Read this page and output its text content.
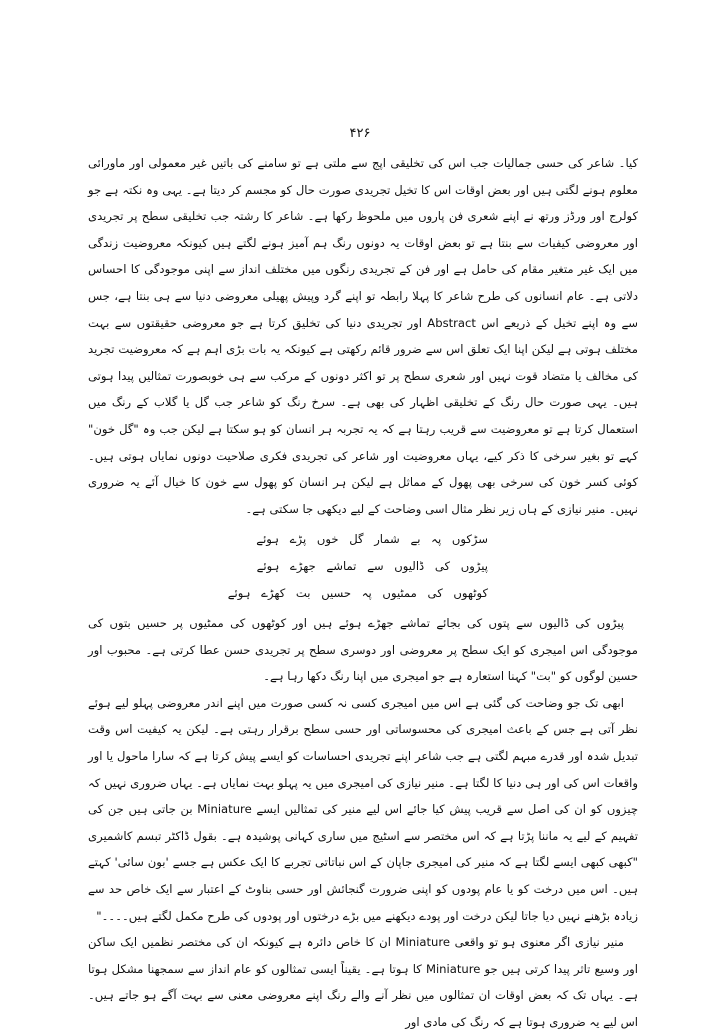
۴۲۶

کیا۔ شاعر کی حسی جمالیات جب اس کی تخلیقی اپج سے ملتی ہے تو سامنے کی باتیں غیر معمولی اور ماورائی معلوم ہونے لگتی ہیں اور بعض اوقات اس کا تخیل تجریدی صورت حال کو مجسم کر دیتا ہے۔ یہی وہ نکتہ ہے جو کولرج اور ورڈز ورتھ نے اپنے شعری فن پاروں میں ملحوظ رکھا ہے۔ شاعر کا رشتہ جب تخلیقی سطح پر تجریدی اور معروضی کیفیات سے بنتا ہے تو بعض اوقات یہ دونوں رنگ ہم آمیز ہونے لگتے ہیں کیونکہ معروضیت زندگی میں ایک غیر متغیر مقام کی حامل ہے اور فن کے تجریدی رنگوں میں مختلف انداز سے اپنی موجودگی کا احساس دلاتی ہے۔ عام انسانوں کی طرح شاعر کا پہلا رابطہ تو اپنے گرد وپیش پھیلی معروضی دنیا سے ہی بنتا ہے، جس سے وہ اپنے تخیل کے ذریعے اس Abstract اور تجریدی دنیا کی تخلیق کرتا ہے جو معروضی حقیقتوں سے بہت مختلف ہوتی ہے لیکن اپنا ایک تعلق اس سے ضرور قائم رکھتی ہے کیونکہ یہ بات بڑی اہم ہے کہ معروضیت تجرید کی مخالف یا متضاد قوت نہیں اور شعری سطح پر تو اکثر دونوں کے مرکب سے ہی خوبصورت تمثالیں پیدا ہوتی ہیں۔ یہی صورت حال رنگ کے تخلیقی اظہار کی بھی ہے۔ سرخ رنگ کو شاعر جب گل یا گلاب کے رنگ میں استعمال کرتا ہے تو معروضیت سے قریب رہتا ہے کہ یہ تجربہ ہر انسان کو ہو سکتا ہے لیکن جب وہ "گل خون" کہے تو بغیر سرخی کا ذکر کیے، یہاں معروضیت اور شاعر کی تجریدی فکری صلاحیت دونوں نمایاں ہوتی ہیں۔ کوئی کسر خون کی سرخی بھی پھول کے مماثل ہے لیکن ہر انسان کو پھول سے خون کا خیال آئے یہ ضروری نہیں۔ منیر نیازی کے ہاں زیر نظر مثال اسی وضاحت کے لیے دیکھی جا سکتی ہے۔

سڑکوں پہ بے شمار گل خوں پڑے ہوئے
پیڑوں کی ڈالیوں سے تماشے جھڑے ہوئے
کوٹھوں کی ممٹیوں پہ حسیں بت کھڑے ہوئے

پیڑوں کی ڈالیوں سے پتوں کی بجائے تماشے جھڑے ہوئے ہیں اور کوٹھوں کی ممٹیوں پر حسیں بتوں کی موجودگی اس امیجری کو ایک سطح پر معروضی اور دوسری سطح پر تجریدی حسن عطا کرتی ہے۔ محبوب اور حسین لوگوں کو "بت" کہنا استعارہ ہے جو امیجری میں اپنا رنگ دکھا رہا ہے۔

ابھی تک جو وضاحت کی گئی ہے اس میں امیجری کسی نہ کسی صورت میں اپنے اندر معروضی پہلو لیے ہوئے نظر آتی ہے جس کے باعث امیجری کی محسوساتی اور حسی سطح برقرار رہتی ہے۔ لیکن یہ کیفیت اس وقت تبدیل شدہ اور قدرے مبہم لگتی ہے جب شاعر اپنے تجریدی احساسات کو ایسے پیش کرتا ہے کہ سارا ماحول یا اور واقعات اس کی اور ہی دنیا کا لگتا ہے۔ منیر نیازی کی امیجری میں یہ پہلو بہت نمایاں ہے۔ یہاں ضروری نہیں کہ چیزوں کو ان کی اصل سے قریب پیش کیا جائے اس لیے منیر کی تمثالیں ایسے Miniature بن جاتی ہیں جن کی تفہیم کے لیے یہ ماننا پڑتا ہے کہ اس مختصر سے اسٹیج میں ساری کہانی پوشیدہ ہے۔ بقول ڈاکٹر تبسم کاشمیری "کبھی کبھی ایسے لگتا ہے کہ منیر کی امیجری جاپان کے اس نباتاتی تجربے کا ایک عکس ہے جسے 'بون سائی' کہتے ہیں۔ اس میں درخت کو یا عام پودوں کو اپنی ضرورت گنجائش اور حسی بناوٹ کے اعتبار سے ایک خاص حد سے زیادہ بڑھنے نہیں دیا جاتا لیکن درخت اور پودے دیکھنے میں بڑے درختوں اور پودوں کی طرح مکمل لگتے ہیں۔۔۔۔"

منیر نیازی اگر معنوی ہو تو واقعی Miniature ان کا خاص دائرہ ہے کیونکہ ان کی مختصر نظمیں ایک ساکن اور وسیع تاثر پیدا کرتی ہیں جو Miniature کا ہوتا ہے۔ یقیناً ایسی تمثالوں کو عام انداز سے سمجھنا مشکل ہوتا ہے۔ یہاں تک کہ بعض اوقات ان تمثالوں میں نظر آنے والے رنگ اپنے معروضی معنی سے بہت آگے ہو جاتے ہیں۔ اس لیے یہ ضروری ہوتا ہے کہ رنگ کی مادی اور
